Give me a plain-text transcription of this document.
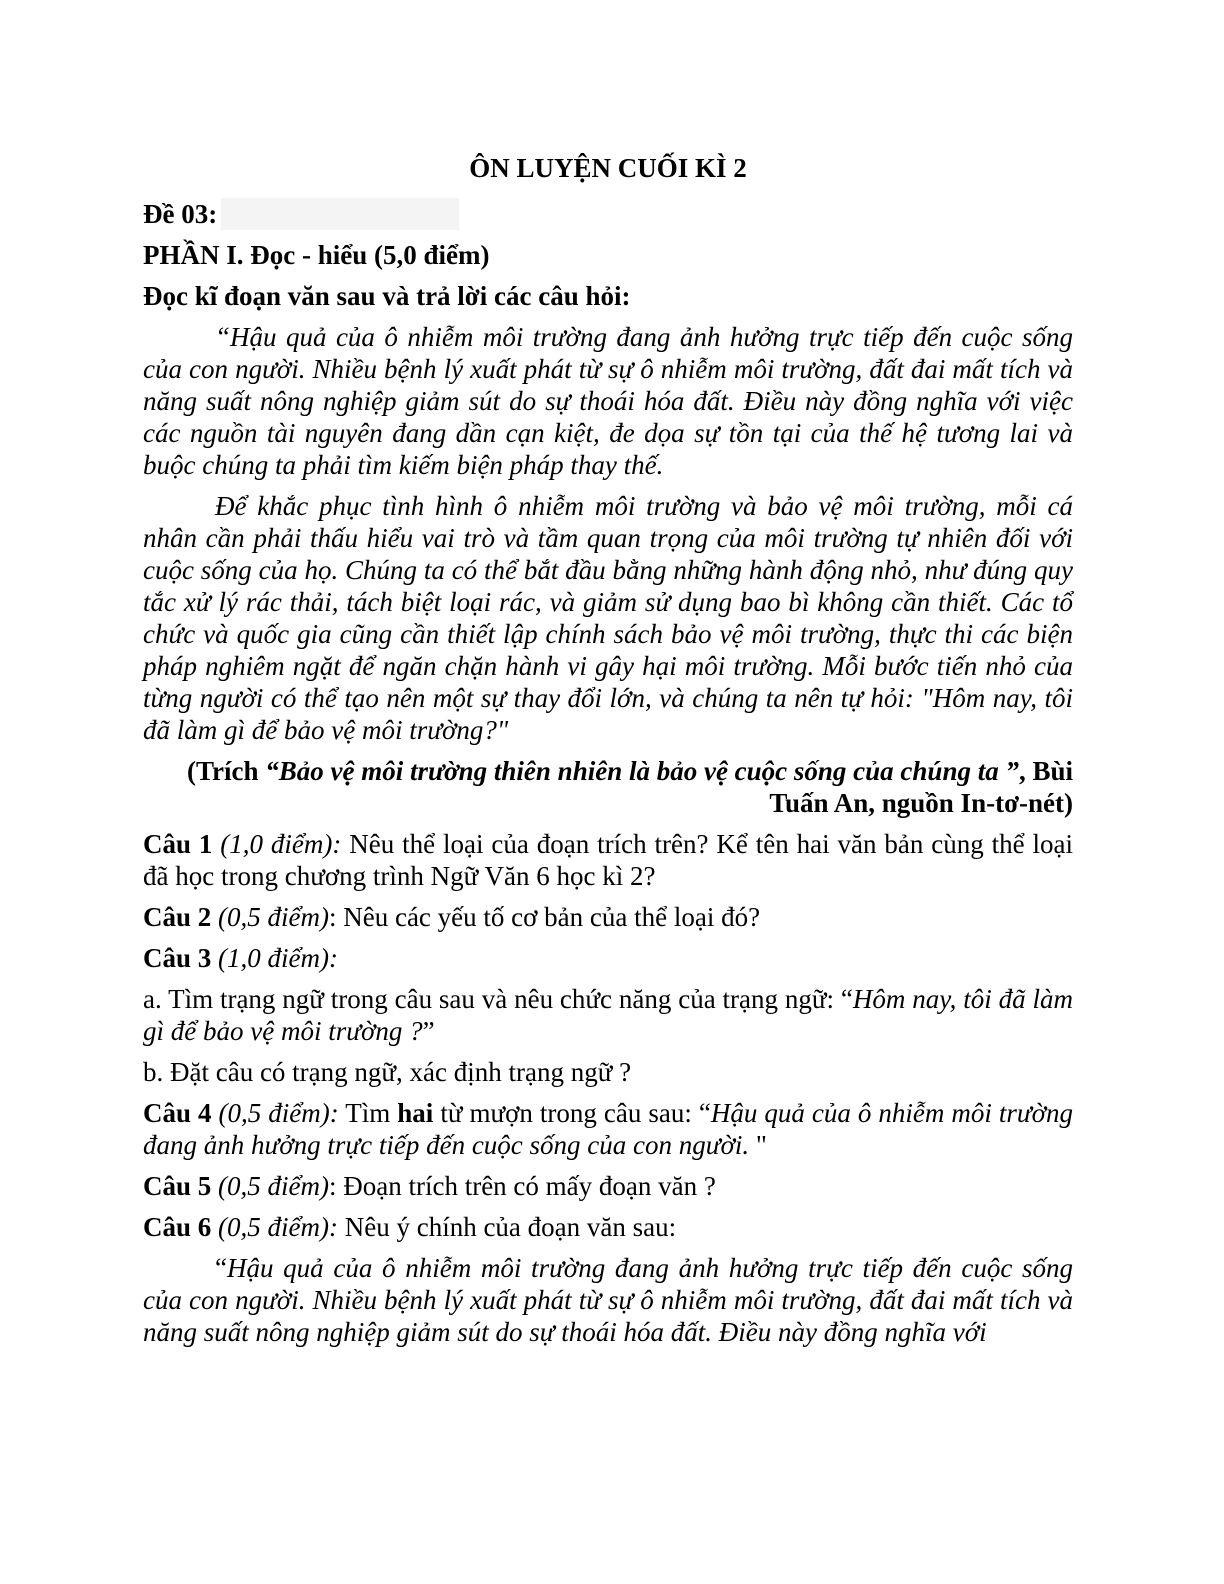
ÔN LUYỆN CUỐI KÌ 2
Đề 03:
PHẦN I. Đọc - hiểu (5,0 điểm)
Đọc kĩ đoạn văn sau và trả lời các câu hỏi:

“Hậu quả của ô nhiễm môi trường đang ảnh hưởng trực tiếp đến cuộc sống của con người. Nhiều bệnh lý xuất phát từ sự ô nhiễm môi trường, đất đai mất tích và năng suất nông nghiệp giảm sút do sự thoái hóa đất. Điều này đồng nghĩa với việc các nguồn tài nguyên đang dần cạn kiệt, đe dọa sự tồn tại của thế hệ tương lai và buộc chúng ta phải tìm kiếm biện pháp thay thế.

Để khắc phục tình hình ô nhiễm môi trường và bảo vệ môi trường, mỗi cá nhân cần phải thấu hiểu vai trò và tầm quan trọng của môi trường tự nhiên đối với cuộc sống của họ. Chúng ta có thể bắt đầu bằng những hành động nhỏ, như đúng quy tắc xử lý rác thải, tách biệt loại rác, và giảm sử dụng bao bì không cần thiết. Các tổ chức và quốc gia cũng cần thiết lập chính sách bảo vệ môi trường, thực thi các biện pháp nghiêm ngặt để ngăn chặn hành vi gây hại môi trường. Mỗi bước tiến nhỏ của từng người có thể tạo nên một sự thay đổi lớn, và chúng ta nên tự hỏi: "Hôm nay, tôi đã làm gì để bảo vệ môi trường?"

(Trích “Bảo vệ môi trường thiên nhiên là bảo vệ cuộc sống của chúng ta ”, Bùi
Tuấn An, nguồn In-tơ-nét)
Câu 1 (1,0 điểm): Nêu thể loại của đoạn trích trên? Kể tên hai văn bản cùng thể loại đã học trong chương trình Ngữ Văn 6 học kì 2?
Câu 2 (0,5 điểm): Nêu các yếu tố cơ bản của thể loại đó?
Câu 3 (1,0 điểm):
a. Tìm trạng ngữ trong câu sau và nêu chức năng của trạng ngữ: “Hôm nay, tôi đã làm gì để bảo vệ môi trường ?”
b. Đặt câu có trạng ngữ, xác định trạng ngữ ?
Câu 4 (0,5 điểm): Tìm hai từ mượn trong câu sau: “Hậu quả của ô nhiễm môi trường đang ảnh hưởng trực tiếp đến cuộc sống của con người. "
Câu 5 (0,5 điểm): Đoạn trích trên có mấy đoạn văn ?
Câu 6 (0,5 điểm): Nêu ý chính của đoạn văn sau:

“Hậu quả của ô nhiễm môi trường đang ảnh hưởng trực tiếp đến cuộc sống của con người. Nhiều bệnh lý xuất phát từ sự ô nhiễm môi trường, đất đai mất tích và năng suất nông nghiệp giảm sút do sự thoái hóa đất. Điều này đồng nghĩa với
